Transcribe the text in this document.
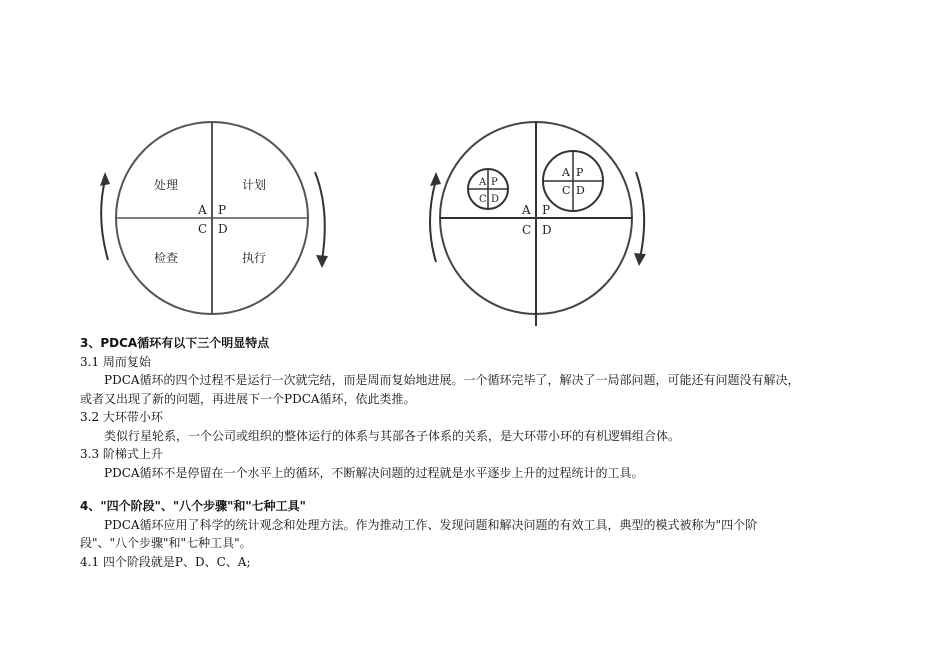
处理	计划
检查	执行
A P
C D
A P
C D
A P
C D
A P
C D

3、PDCA循环有以下三个明显特点

3.1 周而复始

PDCA循环的四个过程不是运行一次就完结，而是周而复始地进展。一个循环完毕了，解决了一局部问题，可能还有问题没有解决，

或者又出现了新的问题，再进展下一个PDCA循环，依此类推。

3.2 大环带小环

类似行星轮系，一个公司或组织的整体运行的体系与其部各子体系的关系，是大环带小环的有机逻辑组合体。

3.3 阶梯式上升

PDCA循环不是停留在一个水平上的循环，不断解决问题的过程就是水平逐步上升的过程统计的工具。

4、"四个阶段"、"八个步骤"和"七种工具"

PDCA循环应用了科学的统计观念和处理方法。作为推动工作、发现问题和解决问题的有效工具，典型的模式被称为"四个阶

段"、"八个步骤"和"七种工具"。

4.1 四个阶段就是P、D、C、A;
